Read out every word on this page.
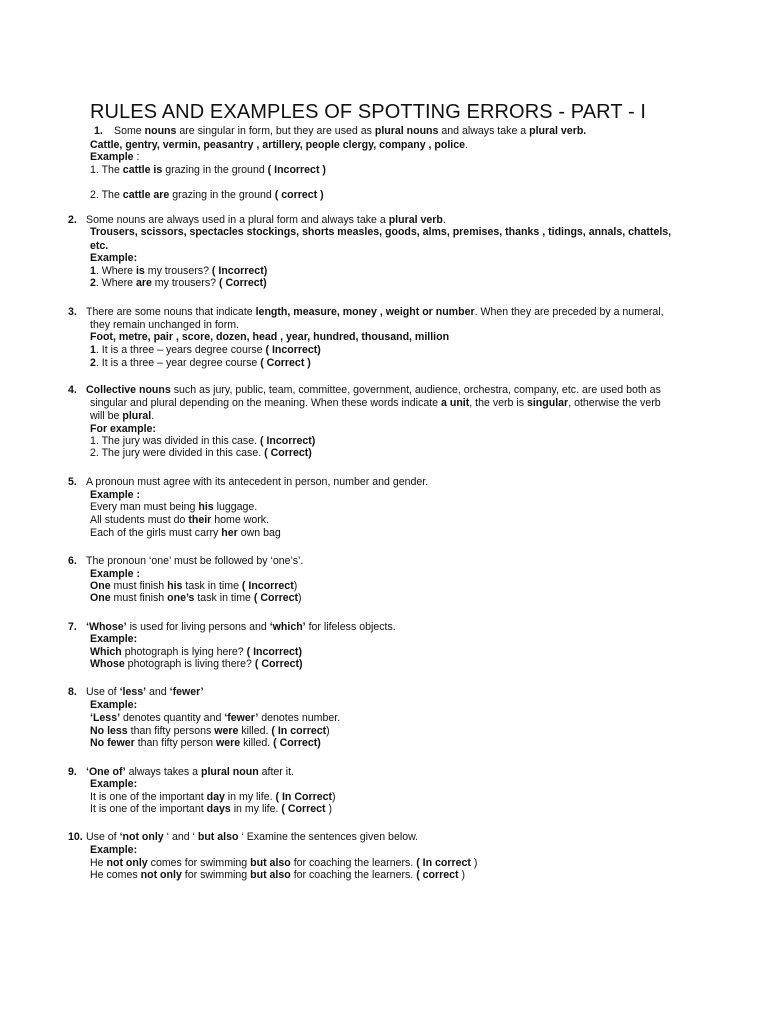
RULES AND EXAMPLES OF SPOTTING ERRORS - PART - I
1. Some nouns are singular in form, but they are used as plural nouns and always take a plural verb.
Cattle, gentry, vermin, peasantry , artillery, people clergy, company , police.
Example :
1. The cattle is grazing in the ground ( Incorrect )
2. The cattle are grazing in the ground ( correct )
2. Some nouns are always used in a plural form and always take a plural verb.
Trousers, scissors, spectacles stockings, shorts measles, goods, alms, premises, thanks , tidings, annals, chattels,
etc.
Example:
1. Where is my trousers? ( Incorrect)
2. Where are my trousers? ( Correct)
3. There are some nouns that indicate length, measure, money , weight or number. When they are preceded by a numeral,
they remain unchanged in form.
Foot, metre, pair , score, dozen, head , year, hundred, thousand, million
1. It is a three – years degree course ( Incorrect)
2. It is a three – year degree course ( Correct )
4. Collective nouns such as jury, public, team, committee, government, audience, orchestra, company, etc. are used both as
singular and plural depending on the meaning. When these words indicate a unit, the verb is singular, otherwise the verb
will be plural.
For example:
1. The jury was divided in this case. ( Incorrect)
2. The jury were divided in this case. ( Correct)
5. A pronoun must agree with its antecedent in person, number and gender.
Example :
Every man must being his luggage.
All students must do their home work.
Each of the girls must carry her own bag
6. The pronoun ‘one’ must be followed by ‘one’s’.
Example :
One must finish his task in time ( Incorrect)
One must finish one’s task in time ( Correct)
7. ‘Whose’ is used for living persons and ‘which’ for lifeless objects.
Example:
Which photograph is lying here? ( Incorrect)
Whose photograph is living there? ( Correct)
8. Use of ‘less’ and ‘fewer’
Example:
‘Less’ denotes quantity and ‘fewer’ denotes number.
No less than fifty persons were killed. ( In correct)
No fewer than fifty person were killed. ( Correct)
9. ‘One of’ always takes a plural noun after it.
Example:
It is one of the important day in my life. ( In Correct)
It is one of the important days in my life. ( Correct )
10. Use of ‘not only ‘ and ‘ but also ‘ Examine the sentences given below.
Example:
He not only comes for swimming but also for coaching the learners. ( In correct )
He comes not only for swimming but also for coaching the learners. ( correct )
